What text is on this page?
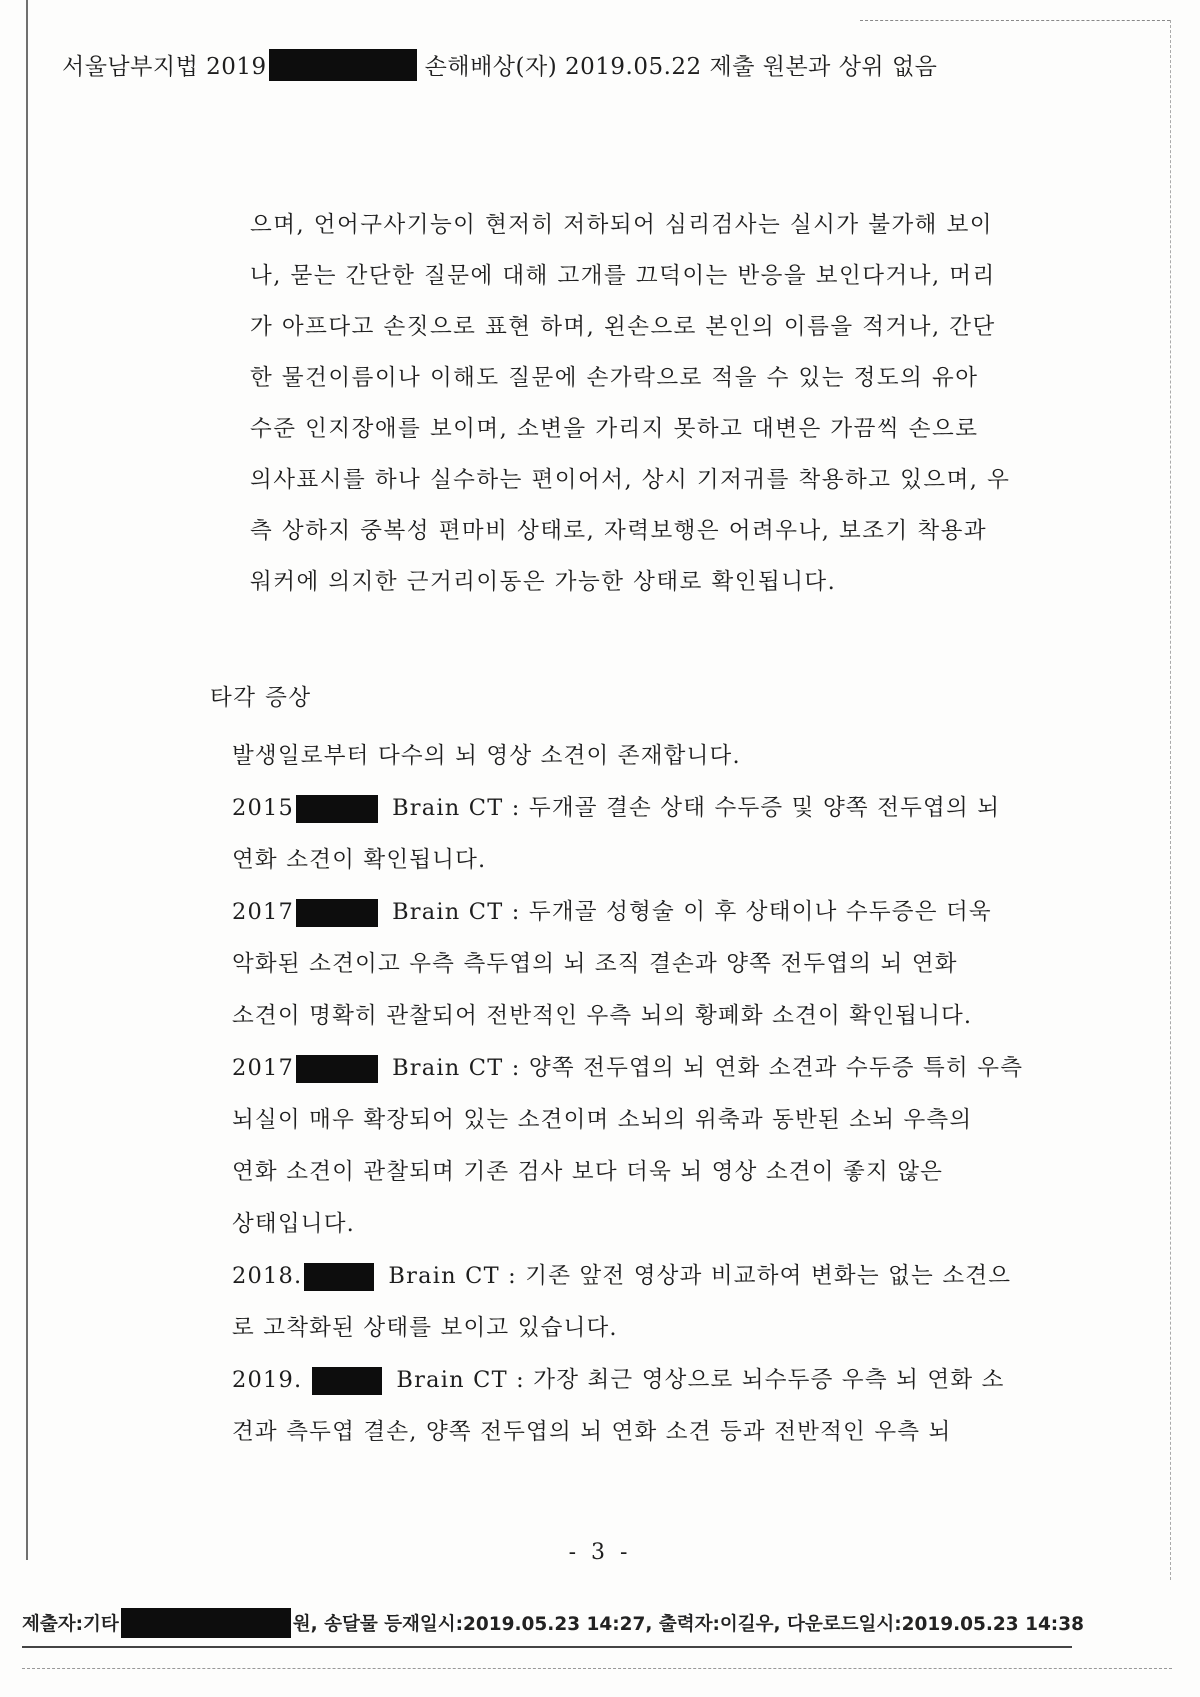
서울남부지법 2019	손해배상(자) 2019.05.22 제출 원본과 상위 없음
으며, 언어구사기능이 현저히 저하되어 심리검사는 실시가 불가해 보이
나, 묻는 간단한 질문에 대해 고개를 끄덕이는 반응을 보인다거나, 머리
가 아프다고 손짓으로 표현 하며, 왼손으로 본인의 이름을 적거나, 간단
한 물건이름이나 이해도 질문에 손가락으로 적을 수 있는 정도의 유아
수준 인지장애를 보이며, 소변을 가리지 못하고 대변은 가끔씩 손으로
의사표시를 하나 실수하는 편이어서, 상시 기저귀를 착용하고 있으며, 우
측 상하지 중복성 편마비 상태로, 자력보행은 어려우나, 보조기 착용과
워커에 의지한 근거리이동은 가능한 상태로 확인됩니다.
타각 증상
발생일로부터 다수의 뇌 영상 소견이 존재합니다.
2015	Brain CT : 두개골 결손 상태 수두증 및 양쪽 전두엽의 뇌
연화 소견이 확인됩니다.
2017	Brain CT : 두개골 성형술 이 후 상태이나 수두증은 더욱
악화된 소견이고 우측 측두엽의 뇌 조직 결손과 양쪽 전두엽의 뇌 연화
소견이 명확히 관찰되어 전반적인 우측 뇌의 황폐화 소견이 확인됩니다.
2017	Brain CT : 양쪽 전두엽의 뇌 연화 소견과 수두증 특히 우측
뇌실이 매우 확장되어 있는 소견이며 소뇌의 위축과 동반된 소뇌 우측의
연화 소견이 관찰되며 기존 검사 보다 더욱 뇌 영상 소견이 좋지 않은
상태입니다.
2018.	Brain CT : 기존 앞전 영상과 비교하여 변화는 없는 소견으
로 고착화된 상태를 보이고 있습니다.
2019.	Brain CT : 가장 최근 영상으로 뇌수두증 우측 뇌 연화 소
견과 측두엽 결손, 양쪽 전두엽의 뇌 연화 소견 등과 전반적인 우측 뇌
- 3 -
제출자:기타	원, 송달물 등재일시:2019.05.23 14:27, 출력자:이길우, 다운로드일시:2019.05.23 14:38
